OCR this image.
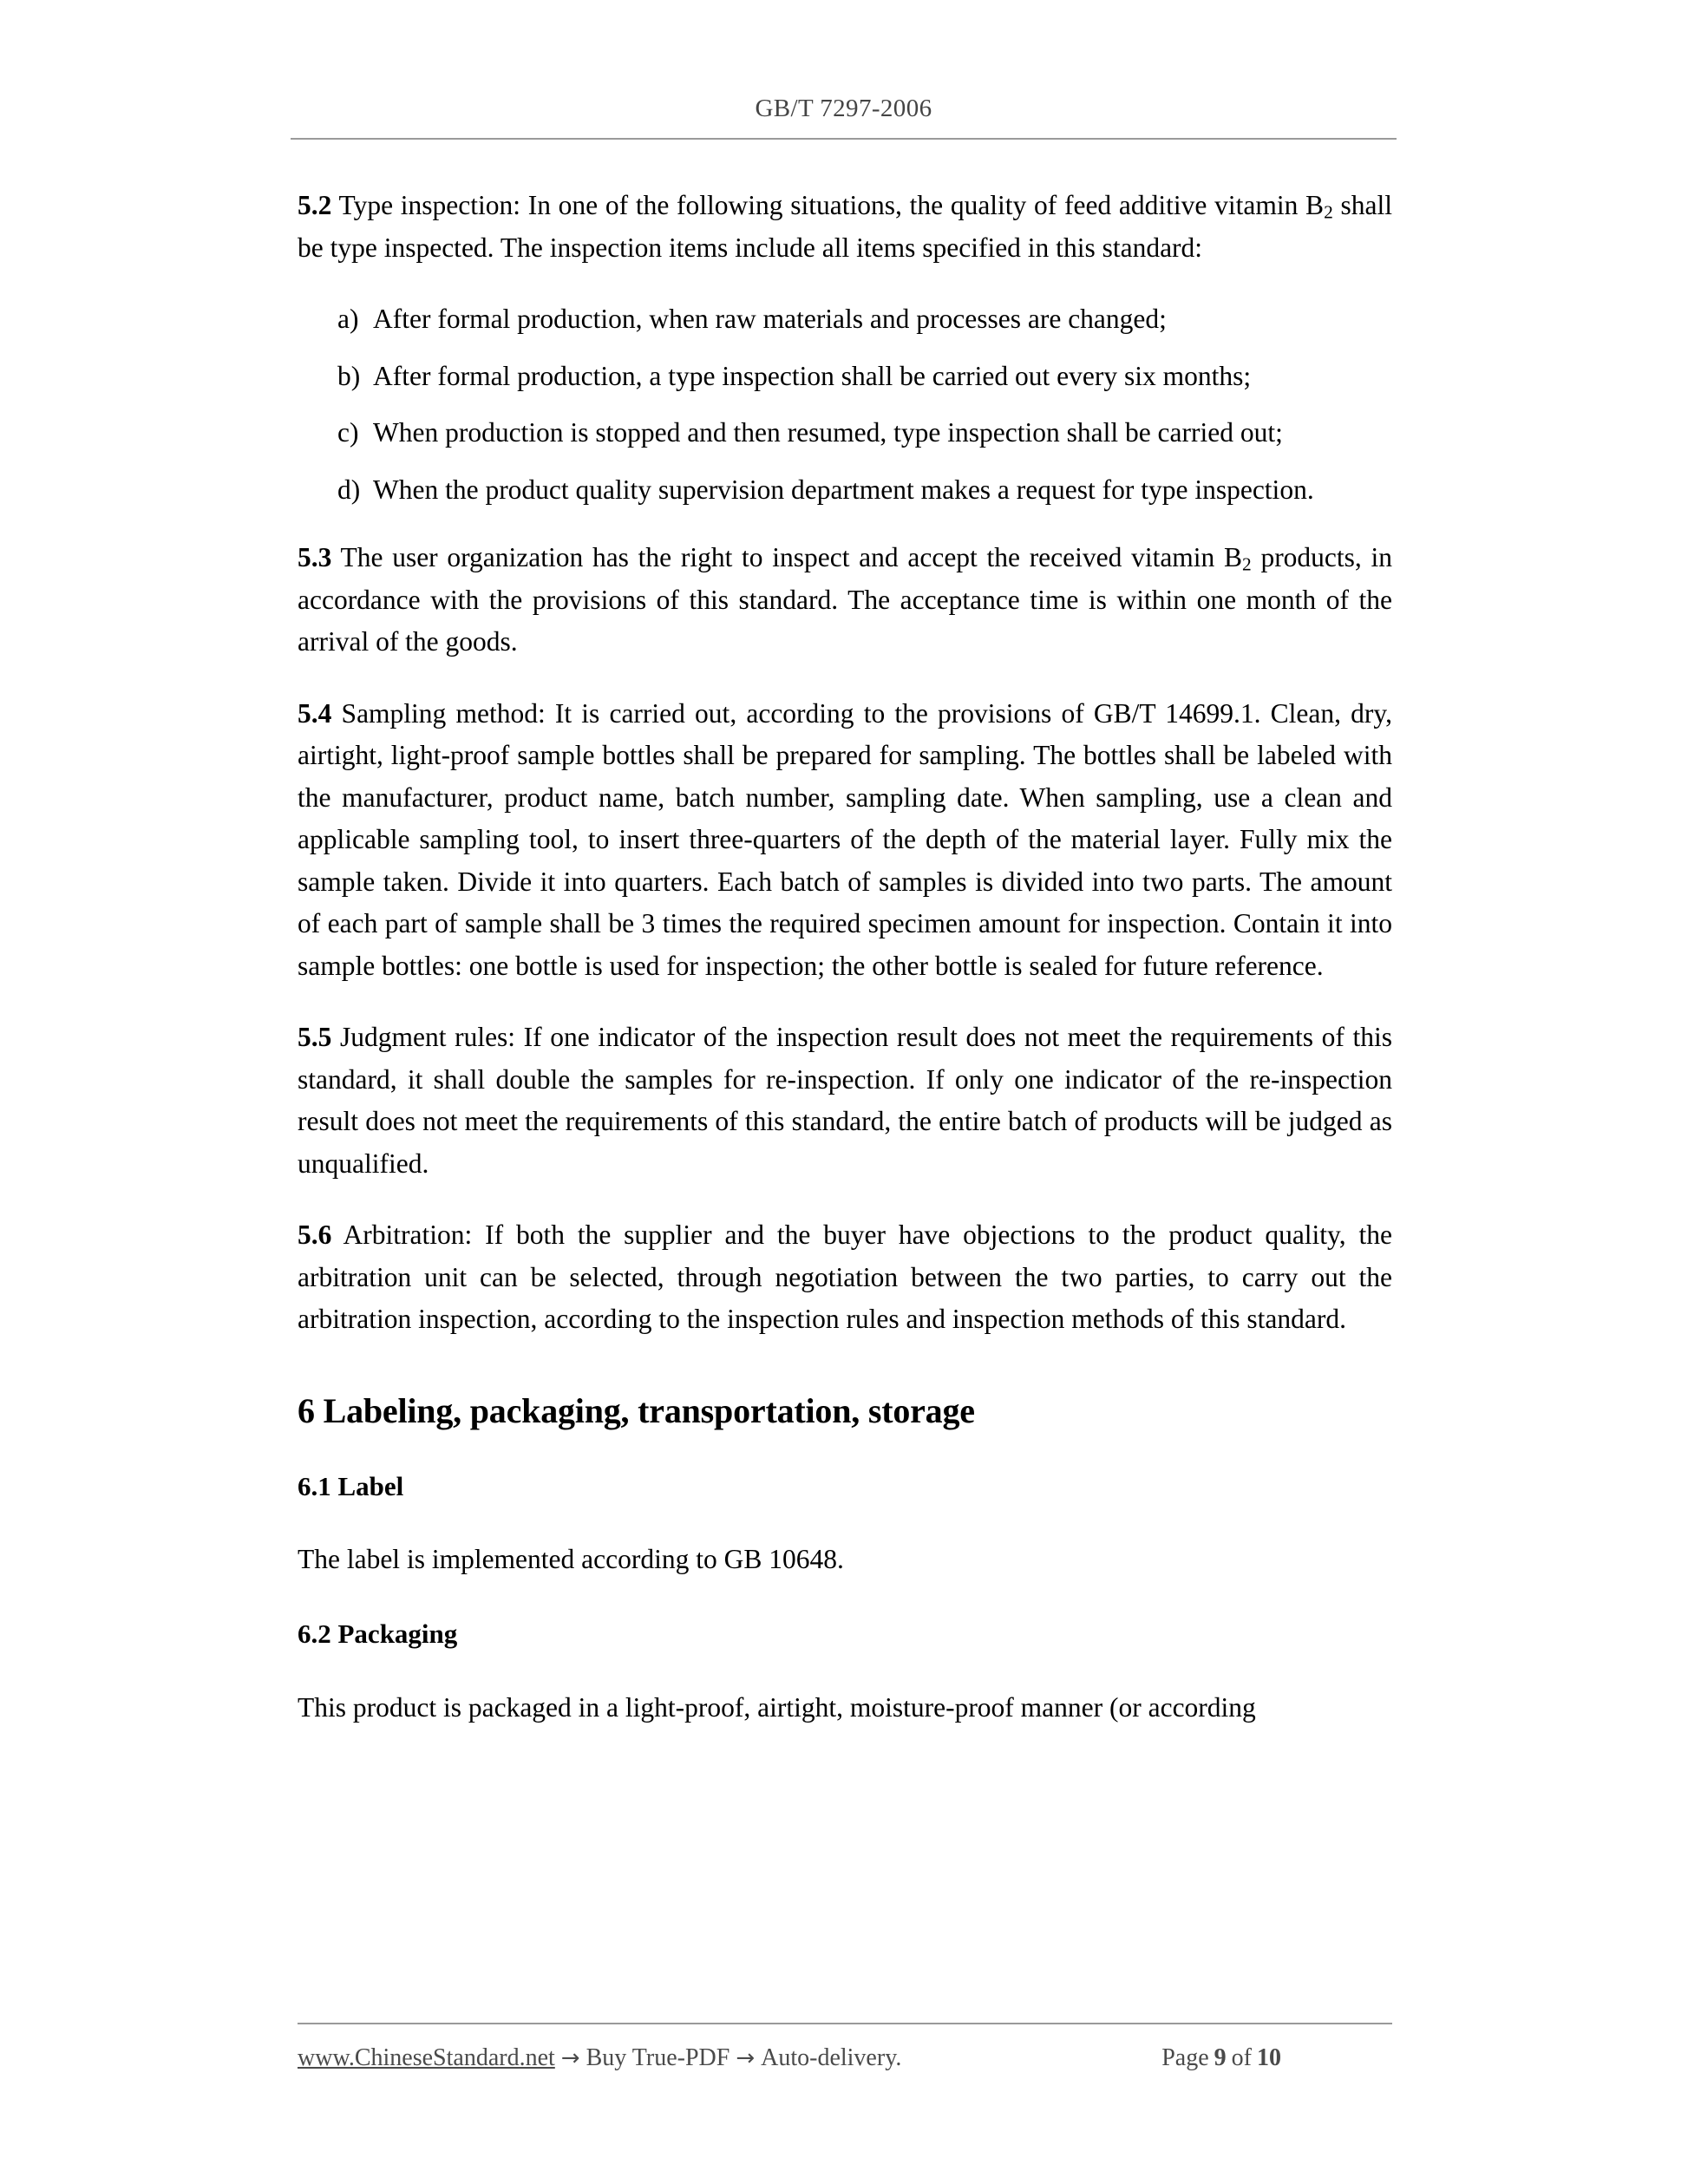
GB/T 7297-2006

5.2 Type inspection: In one of the following situations, the quality of feed additive vitamin $B_2$ shall be type inspected. The inspection items include all items specified in this standard:

a) After formal production, when raw materials and processes are changed;
b) After formal production, a type inspection shall be carried out every six months;
c) When production is stopped and then resumed, type inspection shall be carried out;
d) When the product quality supervision department makes a request for type inspection.

5.3 The user organization has the right to inspect and accept the received vitamin $B_2$ products, in accordance with the provisions of this standard. The acceptance time is within one month of the arrival of the goods.

5.4 Sampling method: It is carried out, according to the provisions of GB/T 14699.1. Clean, dry, airtight, light-proof sample bottles shall be prepared for sampling. The bottles shall be labeled with the manufacturer, product name, batch number, sampling date. When sampling, use a clean and applicable sampling tool, to insert three-quarters of the depth of the material layer. Fully mix the sample taken. Divide it into quarters. Each batch of samples is divided into two parts. The amount of each part of sample shall be 3 times the required specimen amount for inspection. Contain it into sample bottles: one bottle is used for inspection; the other bottle is sealed for future reference.

5.5 Judgment rules: If one indicator of the inspection result does not meet the requirements of this standard, it shall double the samples for re-inspection. If only one indicator of the re-inspection result does not meet the requirements of this standard, the entire batch of products will be judged as unqualified.

5.6 Arbitration: If both the supplier and the buyer have objections to the product quality, the arbitration unit can be selected, through negotiation between the two parties, to carry out the arbitration inspection, according to the inspection rules and inspection methods of this standard.

6 Labeling, packaging, transportation, storage
6.1 Label

The label is implemented according to GB 10648.

6.2 Packaging

This product is packaged in a light-proof, airtight, moisture-proof manner (or according

www.ChineseStandard.net → Buy True-PDF → Auto-delivery.	Page 9 of 10
